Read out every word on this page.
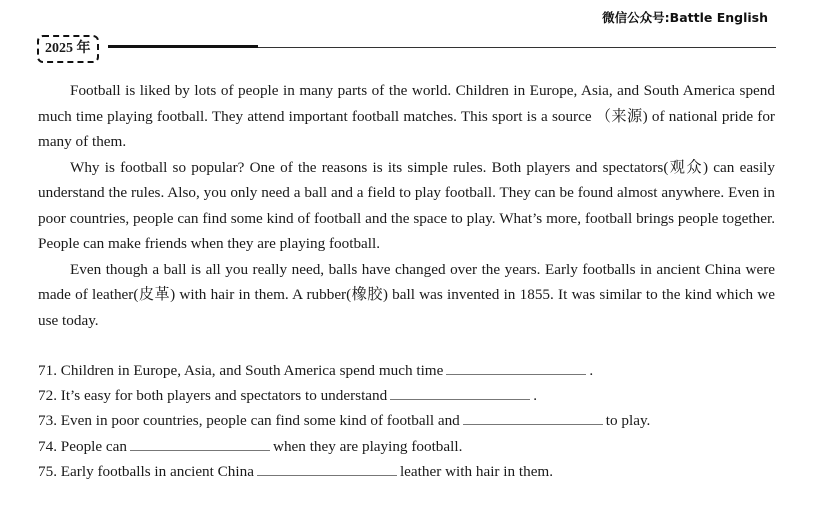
微信公众号:Battle English
2025 年

Football is liked by lots of people in many parts of the world. Children in Europe, Asia, and South America spend much time playing football. They attend important football matches. This sport is a source （来源) of national pride for many of them.

Why is football so popular? One of the reasons is its simple rules. Both players and spectators(观众) can easily understand the rules. Also, you only need a ball and a field to play football. They can be found almost anywhere. Even in poor countries, people can find some kind of football and the space to play. What’s more, football brings people together. People can make friends when they are playing football.

Even though a ball is all you really need, balls have changed over the years. Early footballs in ancient China were made of leather(皮革) with hair in them. A rubber(橡胶) ball was invented in 1855. It was similar to the kind which we use today.

71. Children in Europe, Asia, and South America spend much time	.
72. It’s easy for both players and spectators to understand	.
73. Even in poor countries, people can find some kind of football and	to play.
74. People can	when they are playing football.
75. Early footballs in ancient China	leather with hair in them.
